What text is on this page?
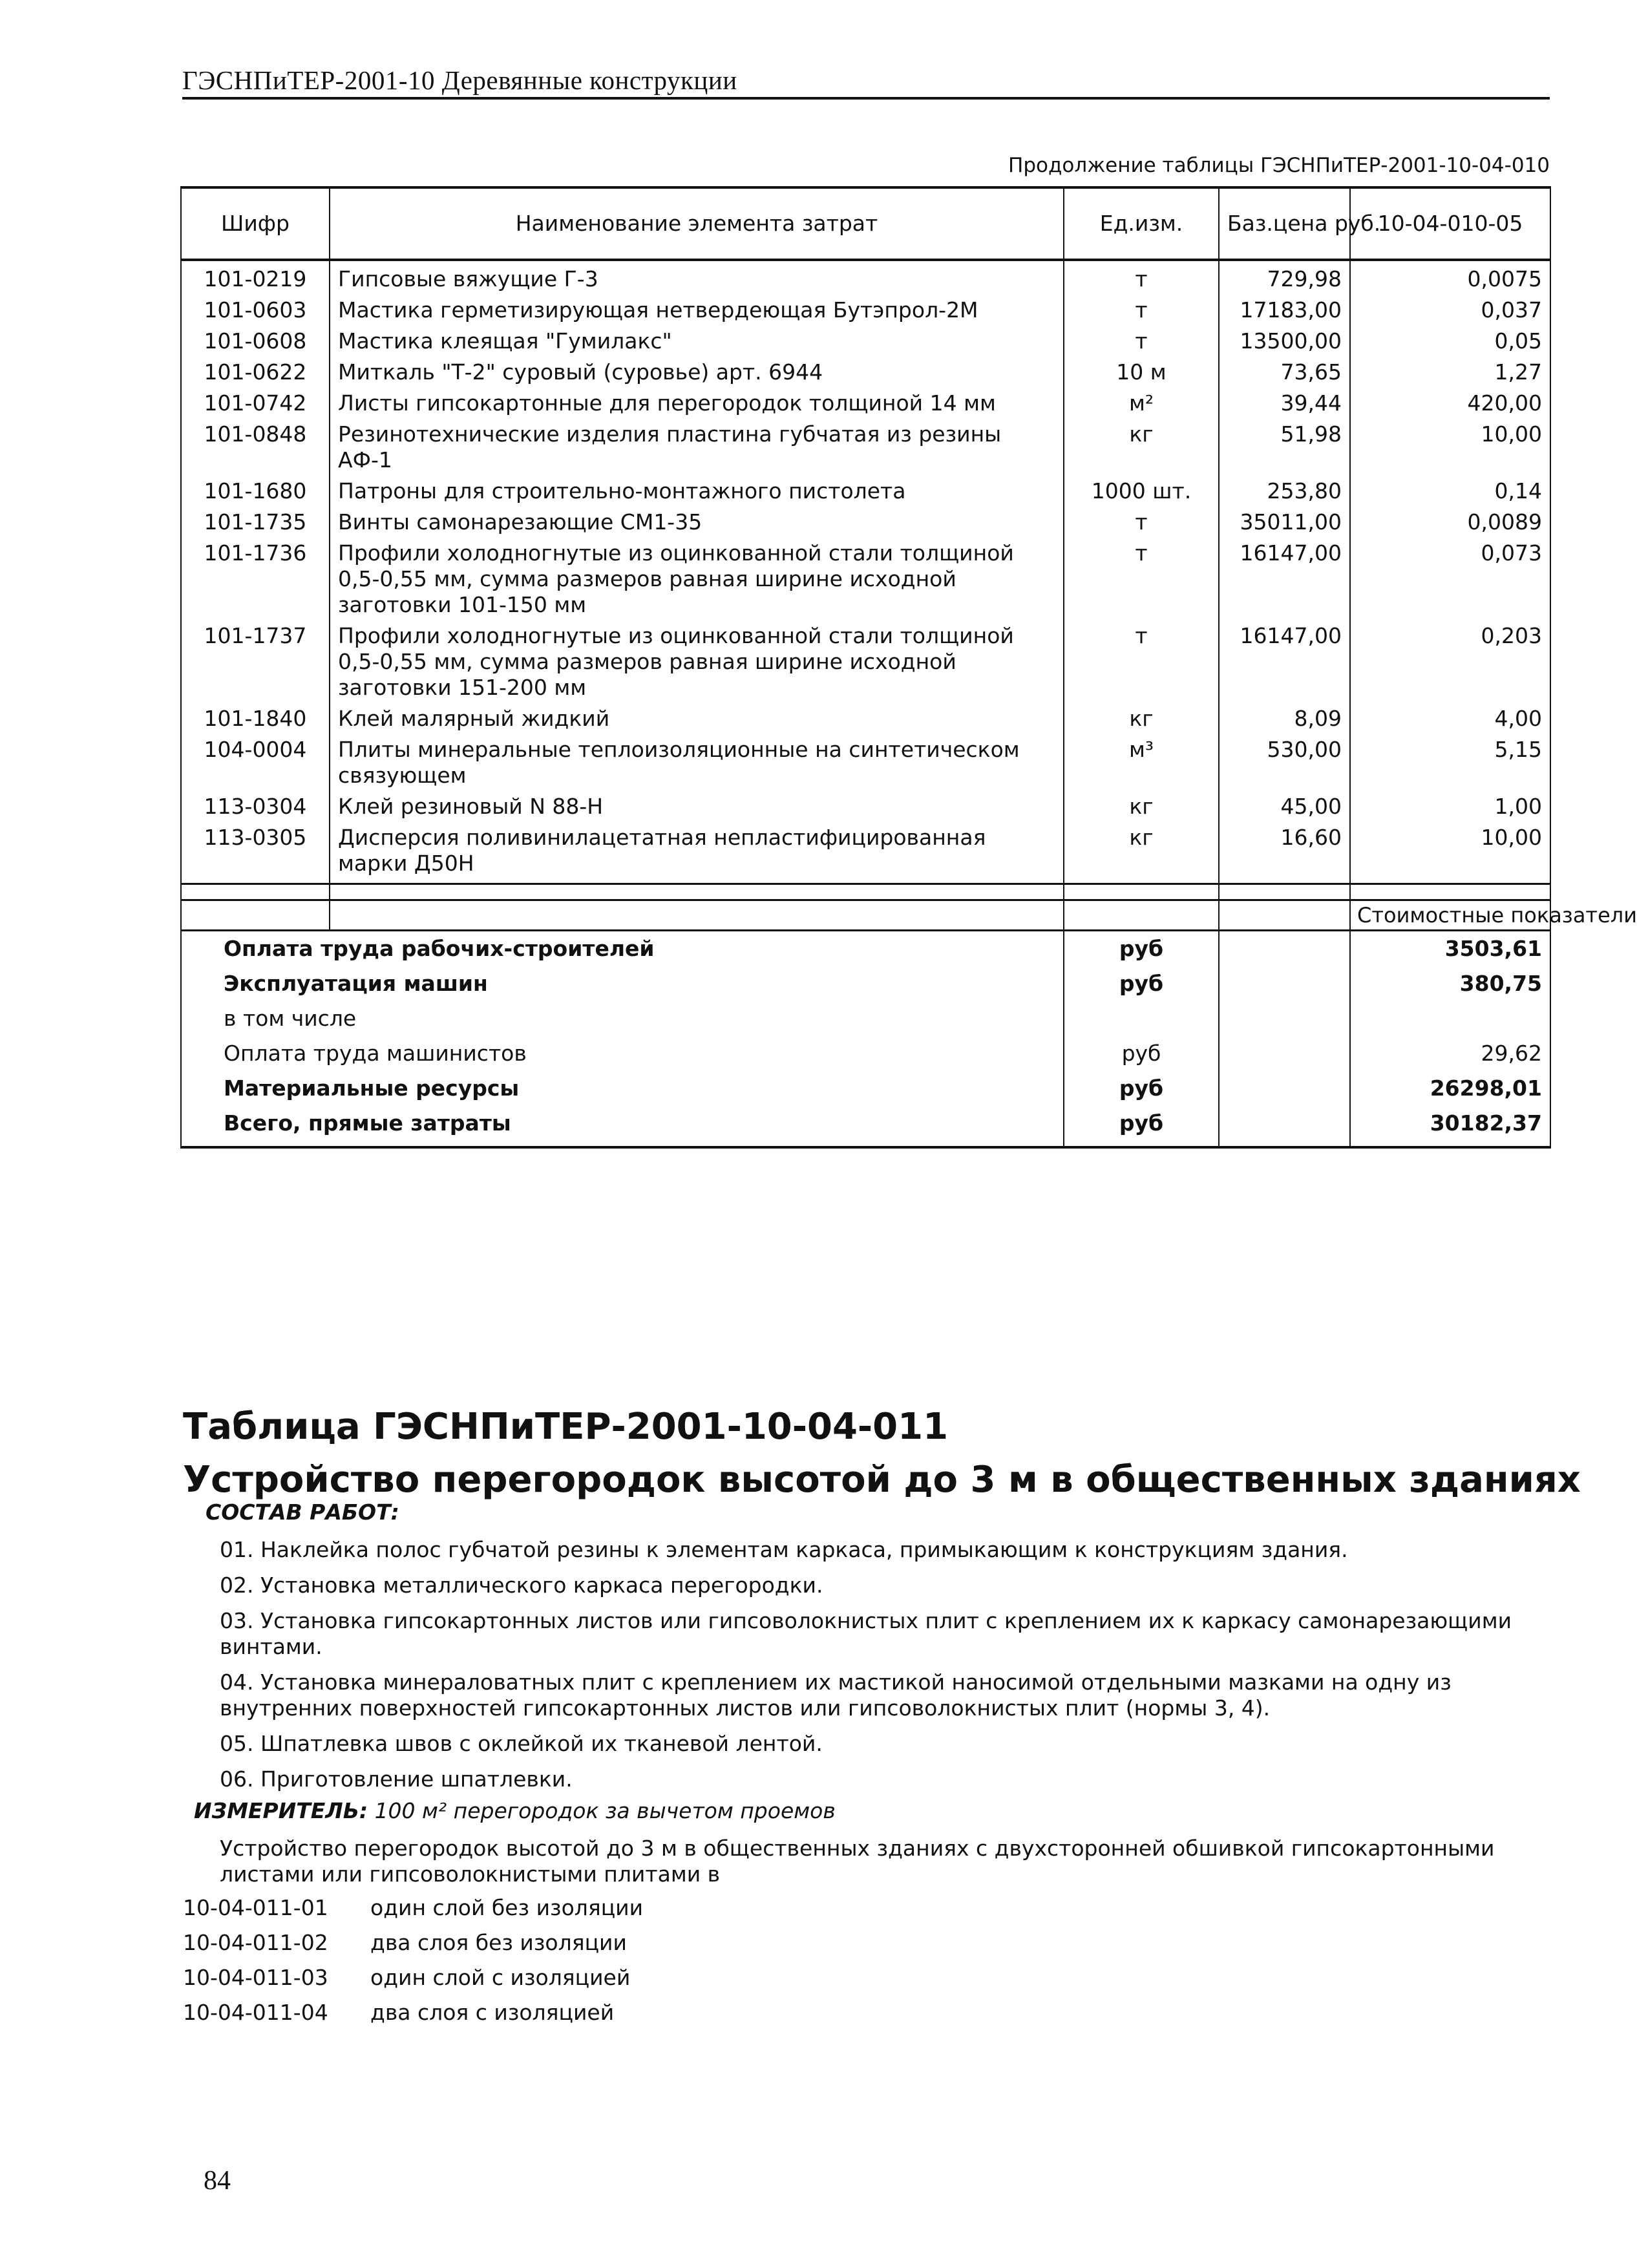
ГЭСНПиТЕР-2001-10 Деревянные конструкции
Продолжение таблицы ГЭСНПиТЕР-2001-10-04-010
Шифр	Наименование элемента затрат	Ед.изм.	Баз.цена руб.	10-04-010-05
101-0219	Гипсовые вяжущие Г-3	т	729,98	0,0075
101-0603	Мастика герметизирующая нетвердеющая Бутэпрол-2М	т	17183,00	0,037
101-0608	Мастика клеящая "Гумилакс"	т	13500,00	0,05
101-0622	Миткаль "Т-2" суровый (суровье) арт. 6944	10 м	73,65	1,27
101-0742	Листы гипсокартонные для перегородок толщиной 14 мм	м²	39,44	420,00
101-0848	Резинотехнические изделия пластина губчатая из резины АФ-1	кг	51,98	10,00
101-1680	Патроны для строительно-монтажного пистолета	1000 шт.	253,80	0,14
101-1735	Винты самонарезающие СМ1-35	т	35011,00	0,0089
101-1736	Профили холодногнутые из оцинкованной стали толщиной 0,5-0,55 мм, сумма размеров равная ширине исходной заготовки 101-150 мм	т	16147,00	0,073
101-1737	Профили холодногнутые из оцинкованной стали толщиной 0,5-0,55 мм, сумма размеров равная ширине исходной заготовки 151-200 мм	т	16147,00	0,203
101-1840	Клей малярный жидкий	кг	8,09	4,00
104-0004	Плиты минеральные теплоизоляционные на синтетическом связующем	м³	530,00	5,15
113-0304	Клей резиновый N 88-Н	кг	45,00	1,00
113-0305	Дисперсия поливинилацетатная непластифицированная марки Д50Н	кг	16,60	10,00

				Стоимостные показатели
Оплата труда рабочих-строителей		руб		3503,61
Эксплуатация машин		руб		380,75
в том числе				
Оплата труда машинистов		руб		29,62
Материальные ресурсы		руб		26298,01
Всего, прямые затраты		руб		30182,37
Таблица ГЭСНПиТЕР-2001-10-04-011
Устройство перегородок высотой до 3 м в общественных зданиях
СОСТАВ РАБОТ:
01. Наклейка полос губчатой резины к элементам каркаса, примыкающим к конструкциям здания.
02. Установка металлического каркаса перегородки.
03. Установка гипсокартонных листов или гипсоволокнистых плит с креплением их к каркасу самонарезающими винтами.
04. Установка минераловатных плит с креплением их мастикой наносимой отдельными мазками на одну из внутренних поверхностей гипсокартонных листов или гипсоволокнистых плит (нормы 3, 4).
05. Шпатлевка швов с оклейкой их тканевой лентой.
06. Приготовление шпатлевки.
ИЗМЕРИТЕЛЬ: 100 м² перегородок за вычетом проемов
Устройство перегородок высотой до 3 м в общественных зданиях с двухсторонней обшивкой гипсокартонными листами или гипсоволокнистыми плитами в
10-04-011-01 один слой без изоляции
10-04-011-02 два слоя без изоляции
10-04-011-03 один слой с изоляцией
10-04-011-04 два слоя с изоляцией
84
